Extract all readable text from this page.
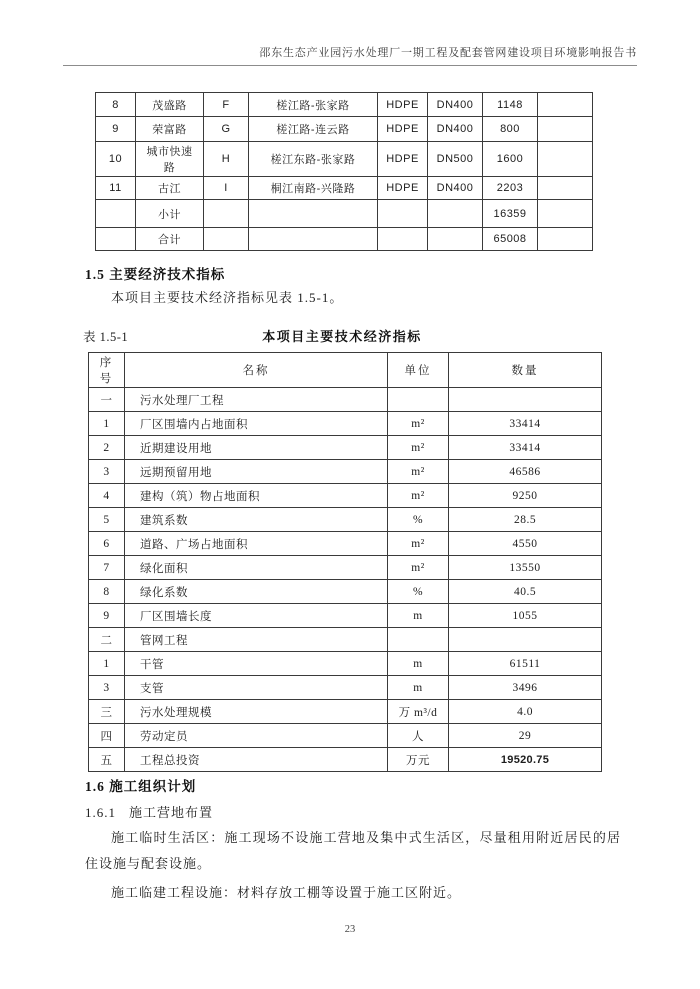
邵东生态产业园污水处理厂一期工程及配套管网建设项目环境影响报告书
8	茂盛路	F	槎江路-张家路	HDPE	DN400	1148	
9	荣富路	G	槎江路-连云路	HDPE	DN400	800	
10	城市快速路	H	槎江东路-张家路	HDPE	DN500	1600	
11	古江	I	桐江南路-兴隆路	HDPE	DN400	2203	
	小计					16359	
	合计					65008	
1.5 主要经济技术指标

本项目主要技术经济指标见表 1.5-1。

表 1.5-1	本项目主要技术经济指标
序号	名称	单位	数量
一	污水处理厂工程		
1	厂区围墙内占地面积	m²	33414
2	近期建设用地	m²	33414
3	远期预留用地	m²	46586
4	建构（筑）物占地面积	m²	9250
5	建筑系数	%	28.5
6	道路、广场占地面积	m²	4550
7	绿化面积	m²	13550
8	绿化系数	%	40.5
9	厂区围墙长度	m	1055
二	管网工程		
1	干管	m	61511
3	支管	m	3496
三	污水处理规模	万 m³/d	4.0
四	劳动定员	人	29
五	工程总投资	万元	19520.75
1.6 施工组织计划
1.6.1 施工营地布置

施工临时生活区：施工现场不设施工营地及集中式生活区，尽量租用附近居民的居住设施与配套设施。

施工临建工程设施：材料存放工棚等设置于施工区附近。

23
